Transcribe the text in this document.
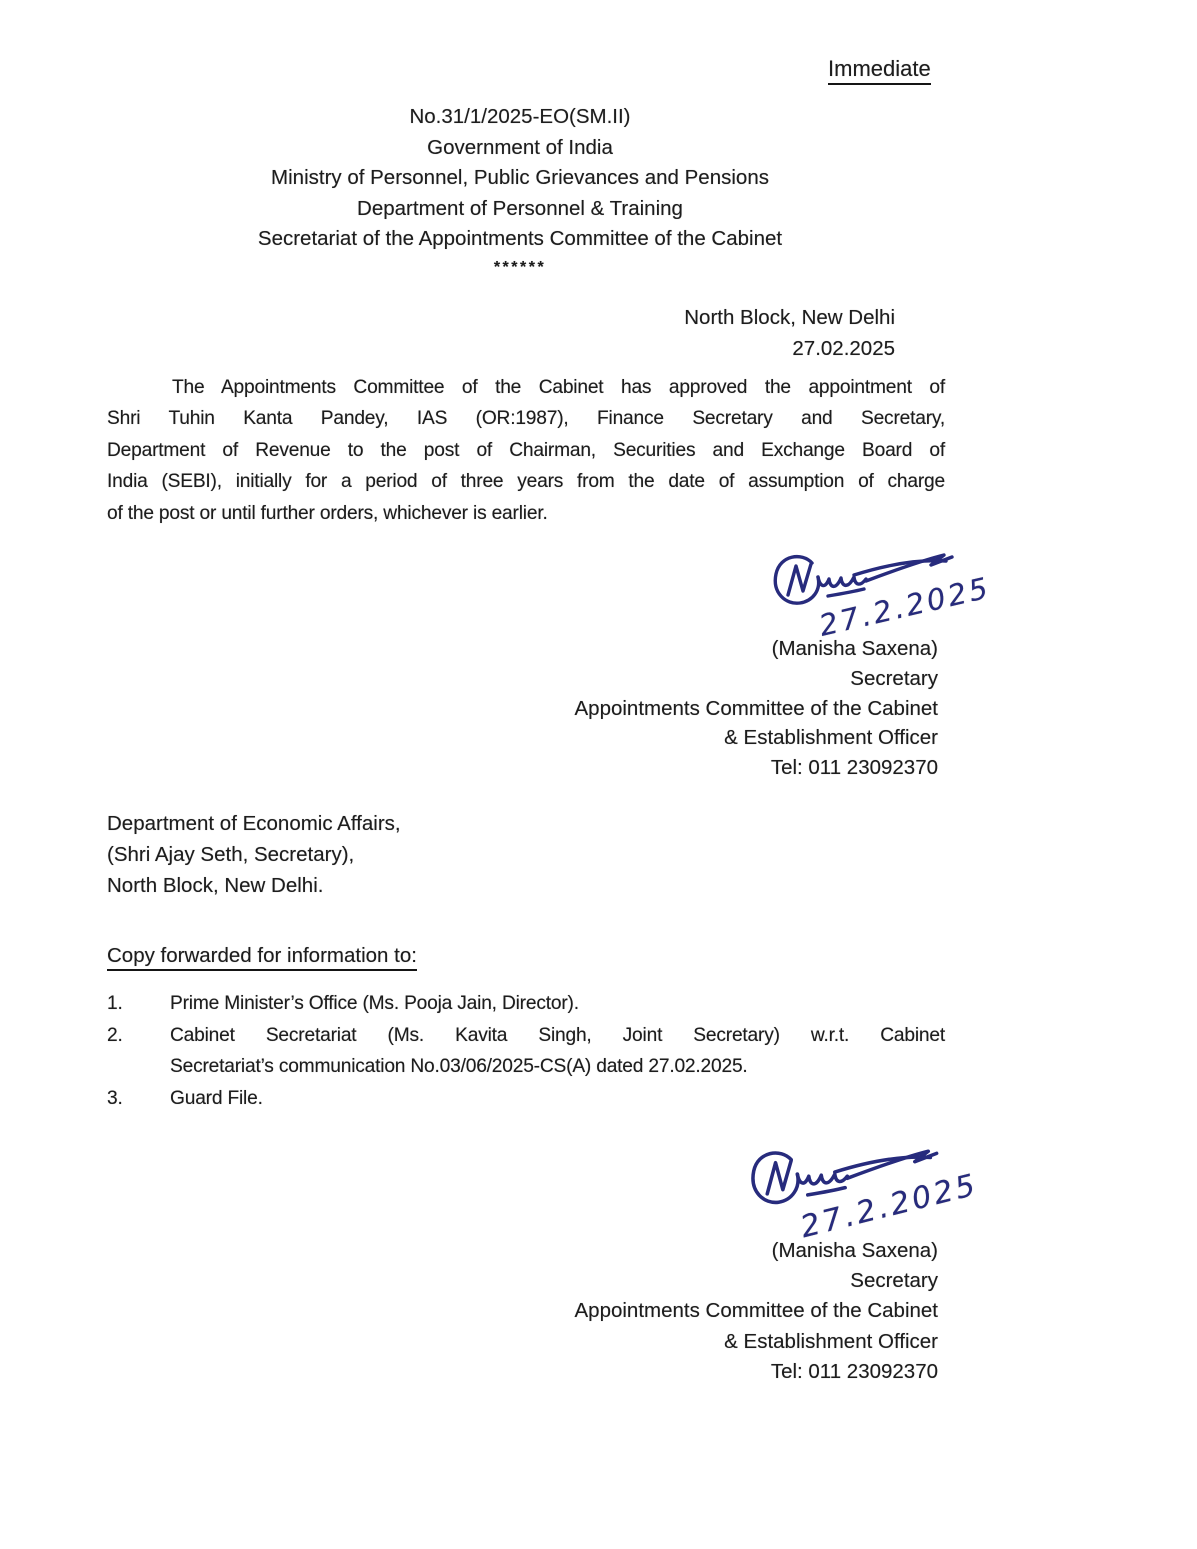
Immediate
No.31/1/2025-EO(SM.II)
Government of India
Ministry of Personnel, Public Grievances and Pensions
Department of Personnel & Training
Secretariat of the Appointments Committee of the Cabinet
******
North Block, New Delhi
27.02.2025
The Appointments Committee of the Cabinet has approved the appointment of
Shri Tuhin Kanta Pandey, IAS (OR:1987), Finance Secretary and Secretary,
Department of Revenue to the post of Chairman, Securities and Exchange Board of
India (SEBI), initially for a period of three years from the date of assumption of charge
of the post or until further orders, whichever is earlier.
27.2.2025
(Manisha Saxena)
Secretary
Appointments Committee of the Cabinet
& Establishment Officer
Tel: 011 23092370
Department of Economic Affairs,
(Shri Ajay Seth, Secretary),
North Block, New Delhi.
Copy forwarded for information to:
1.	Prime Minister’s Office (Ms. Pooja Jain, Director).
2.	Cabinet Secretariat (Ms. Kavita Singh, Joint Secretary) w.r.t. Cabinet
Secretariat’s communication No.03/06/2025-CS(A) dated 27.02.2025.
3.	Guard File.
27.2.2025
(Manisha Saxena)
Secretary
Appointments Committee of the Cabinet
& Establishment Officer
Tel: 011 23092370
